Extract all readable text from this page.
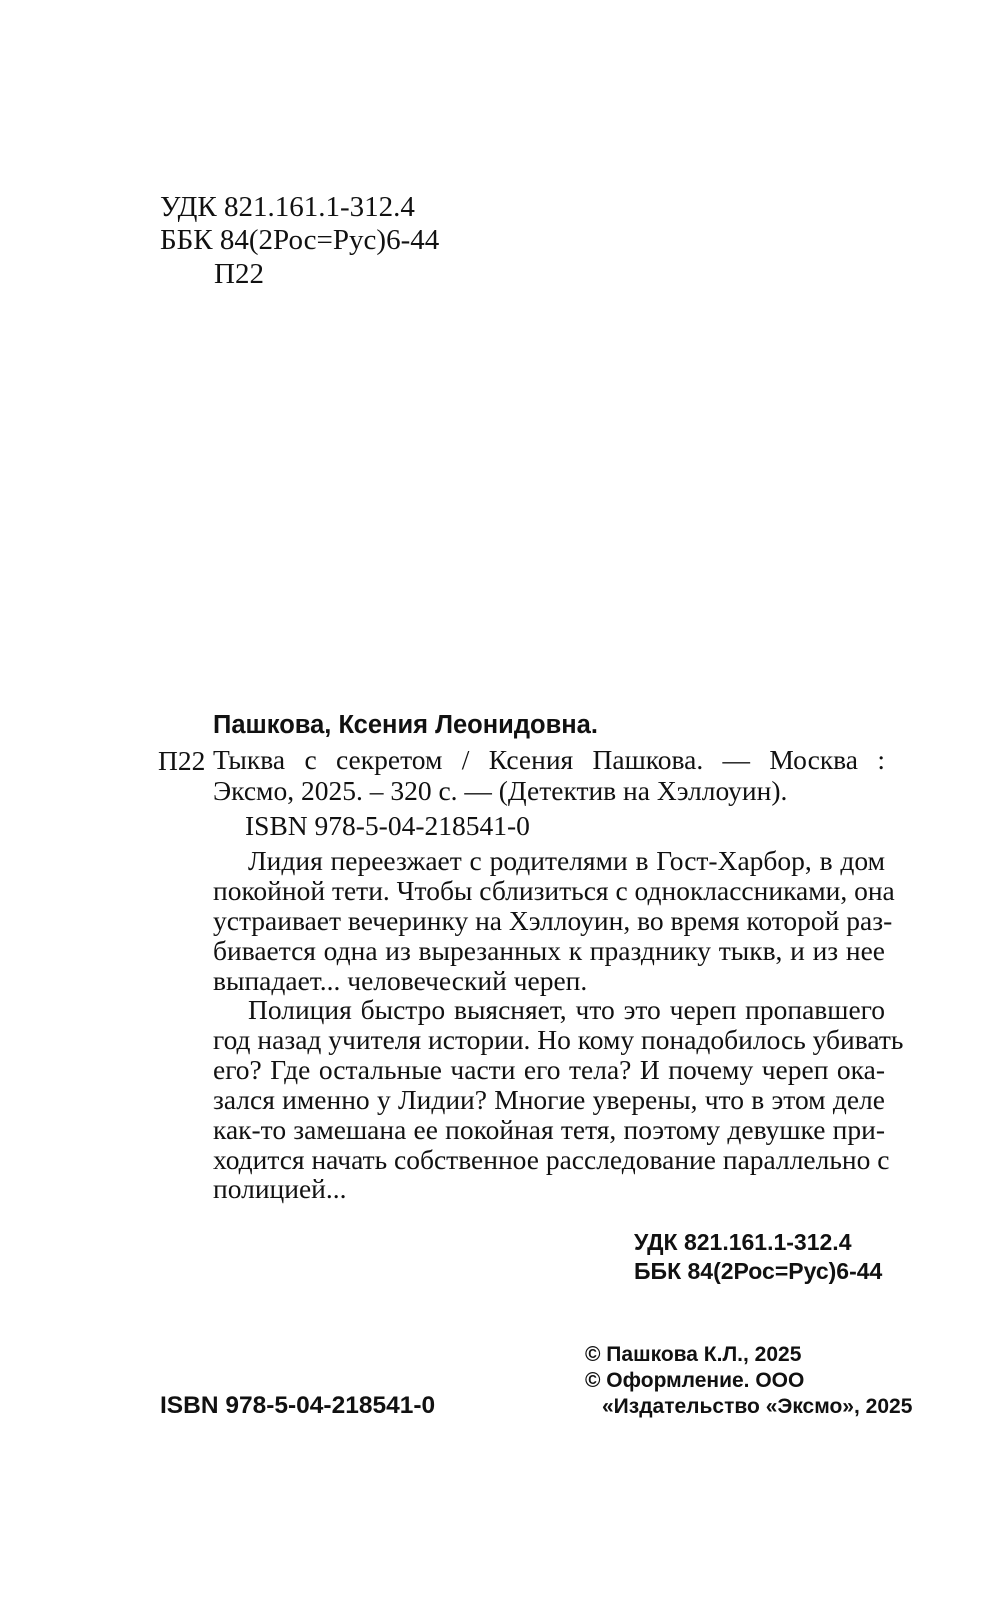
УДК 821.161.1-312.4
ББК 84(2Рос=Рус)6-44
П22
Пашкова, Ксения Леонидовна.
П22 Тыква с секретом / Ксения Пашкова. — Москва :
Эксмо, 2025. – 320 с. — (Детектив на Хэллоуин).
ISBN 978-5-04-218541-0
Лидия переезжает с родителями в Гост-Харбор, в дом
покойной тети. Чтобы сблизиться с одноклассниками, она
устраивает вечеринку на Хэллоуин, во время которой раз-
бивается одна из вырезанных к празднику тыкв, и из нее
выпадает... человеческий череп.
Полиция быстро выясняет, что это череп пропавшего
год назад учителя истории. Но кому понадобилось убивать
его? Где остальные части его тела? И почему череп ока-
зался именно у Лидии? Многие уверены, что в этом деле
как-то замешана ее покойная тетя, поэтому девушке при-
ходится начать собственное расследование параллельно с
полицией...
УДК 821.161.1-312.4
ББК 84(2Рос=Рус)6-44
© Пашкова К.Л., 2025
© Оформление. ООО
«Издательство «Эксмо», 2025
ISBN 978-5-04-218541-0
